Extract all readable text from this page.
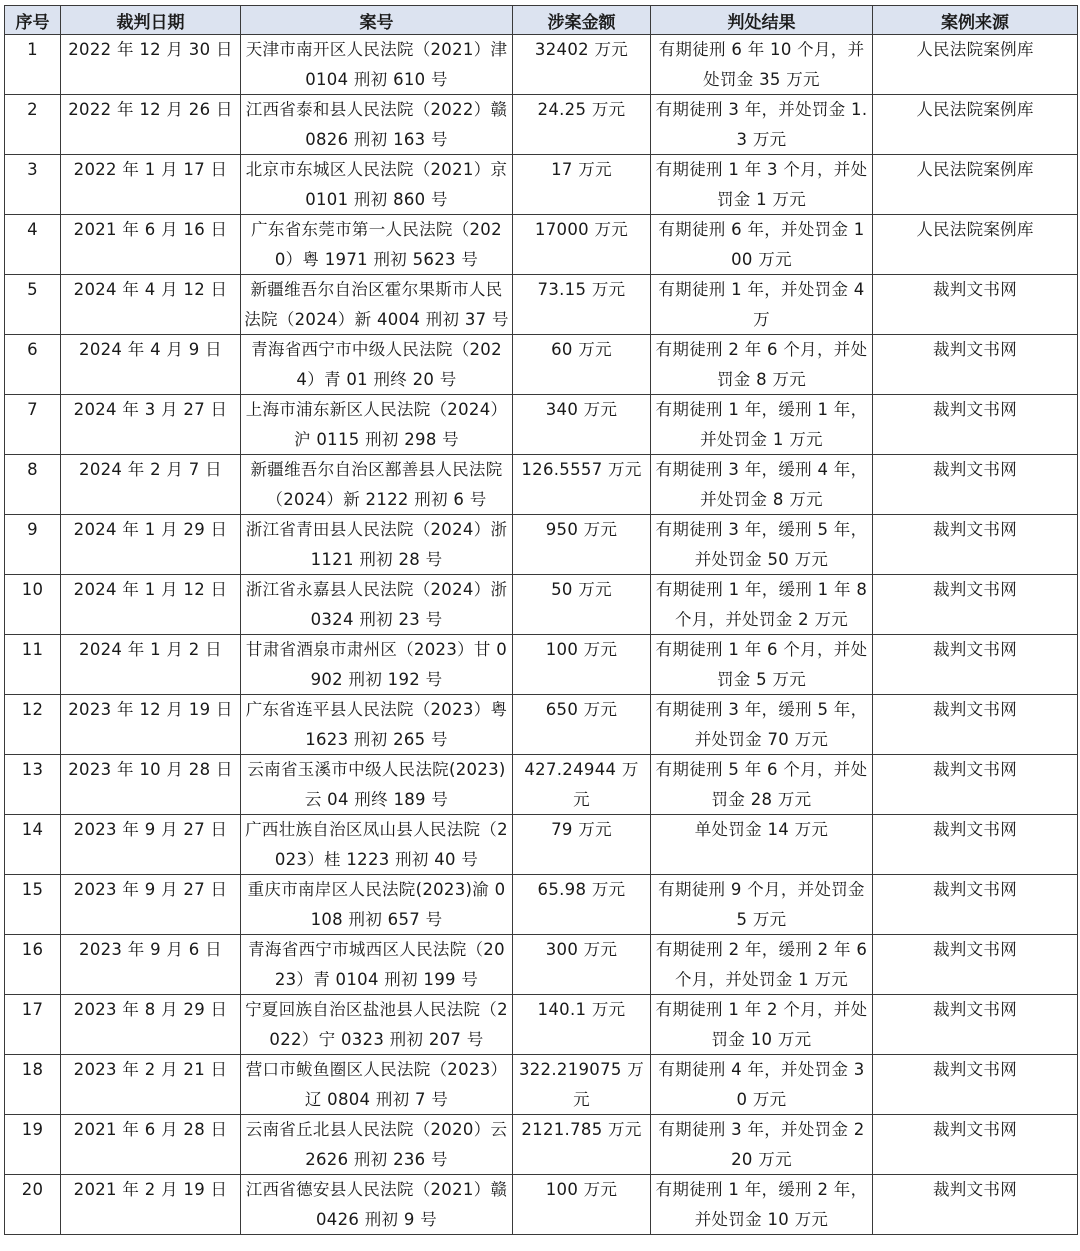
序号	裁判日期	案号	涉案金额	判处结果	案例来源
1	2022 年 12 月 30 日	天津市南开区人民法院（2021）津 0104 刑初 610 号	32402 万元	有期徒刑 6 年 10 个月，并处罚金 35 万元	人民法院案例库
2	2022 年 12 月 26 日	江西省泰和县人民法院（2022）赣 0826 刑初 163 号	24.25 万元	有期徒刑 3 年，并处罚金 1.3 万元	人民法院案例库
3	2022 年 1 月 17 日	北京市东城区人民法院（2021）京 0101 刑初 860 号	17 万元	有期徒刑 1 年 3 个月，并处罚金 1 万元	人民法院案例库
4	2021 年 6 月 16 日	广东省东莞市第一人民法院（2020）粤 1971 刑初 5623 号	17000 万元	有期徒刑 6 年，并处罚金 100 万元	人民法院案例库
5	2024 年 4 月 12 日	新疆维吾尔自治区霍尔果斯市人民法院（2024）新 4004 刑初 37 号	73.15 万元	有期徒刑 1 年，并处罚金 4 万	裁判文书网
6	2024 年 4 月 9 日	青海省西宁市中级人民法院（2024）青 01 刑终 20 号	60 万元	有期徒刑 2 年 6 个月，并处罚金 8 万元	裁判文书网
7	2024 年 3 月 27 日	上海市浦东新区人民法院（2024）沪 0115 刑初 298 号	340 万元	有期徒刑 1 年，缓刑 1 年，并处罚金 1 万元	裁判文书网
8	2024 年 2 月 7 日	新疆维吾尔自治区鄯善县人民法院（2024）新 2122 刑初 6 号	126.5557 万元	有期徒刑 3 年，缓刑 4 年，并处罚金 8 万元	裁判文书网
9	2024 年 1 月 29 日	浙江省青田县人民法院（2024）浙 1121 刑初 28 号	950 万元	有期徒刑 3 年，缓刑 5 年，并处罚金 50 万元	裁判文书网
10	2024 年 1 月 12 日	浙江省永嘉县人民法院（2024）浙 0324 刑初 23 号	50 万元	有期徒刑 1 年，缓刑 1 年 8 个月，并处罚金 2 万元	裁判文书网
11	2024 年 1 月 2 日	甘肃省酒泉市肃州区（2023）甘 0902 刑初 192 号	100 万元	有期徒刑 1 年 6 个月，并处罚金 5 万元	裁判文书网
12	2023 年 12 月 19 日	广东省连平县人民法院（2023）粤 1623 刑初 265 号	650 万元	有期徒刑 3 年，缓刑 5 年，并处罚金 70 万元	裁判文书网
13	2023 年 10 月 28 日	云南省玉溪市中级人民法院(2023)云 04 刑终 189 号	427.24944 万元	有期徒刑 5 年 6 个月，并处罚金 28 万元	裁判文书网
14	2023 年 9 月 27 日	广西壮族自治区凤山县人民法院（2023）桂 1223 刑初 40 号	79 万元	单处罚金 14 万元	裁判文书网
15	2023 年 9 月 27 日	重庆市南岸区人民法院(2023)渝 0108 刑初 657 号	65.98 万元	有期徒刑 9 个月，并处罚金 5 万元	裁判文书网
16	2023 年 9 月 6 日	青海省西宁市城西区人民法院（2023）青 0104 刑初 199 号	300 万元	有期徒刑 2 年，缓刑 2 年 6 个月，并处罚金 1 万元	裁判文书网
17	2023 年 8 月 29 日	宁夏回族自治区盐池县人民法院（2022）宁 0323 刑初 207 号	140.1 万元	有期徒刑 1 年 2 个月，并处罚金 10 万元	裁判文书网
18	2023 年 2 月 21 日	营口市鲅鱼圈区人民法院（2023）辽 0804 刑初 7 号	322.219075 万元	有期徒刑 4 年，并处罚金 30 万元	裁判文书网
19	2021 年 6 月 28 日	云南省丘北县人民法院（2020）云 2626 刑初 236 号	2121.785 万元	有期徒刑 3 年，并处罚金 220 万元	裁判文书网
20	2021 年 2 月 19 日	江西省德安县人民法院（2021）赣 0426 刑初 9 号	100 万元	有期徒刑 1 年，缓刑 2 年，并处罚金 10 万元	裁判文书网
